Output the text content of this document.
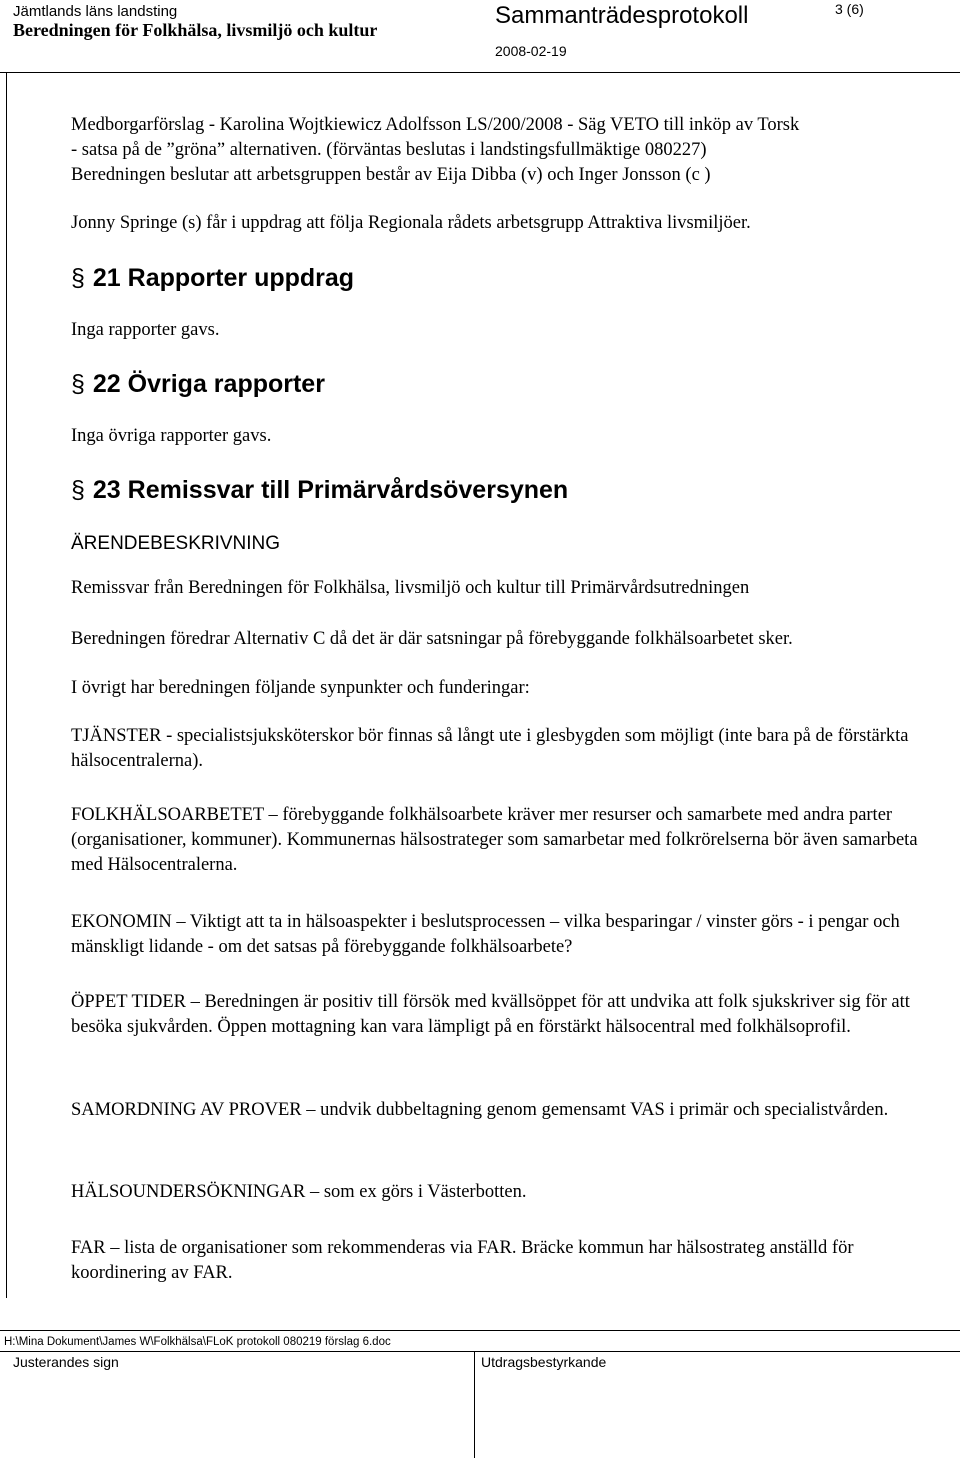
Jämtlands läns landsting
Beredningen för Folkhälsa, livsmiljö och kultur
Sammanträdesprotokoll	3 (6)
2008-02-19
Medborgarförslag - Karolina Wojtkiewicz Adolfsson LS/200/2008 - Säg VETO till inköp av Torsk
- satsa på de ”gröna” alternativen. (förväntas beslutas i landstingsfullmäktige 080227)
Beredningen beslutar att arbetsgruppen består av Eija Dibba (v) och Inger Jonsson (c )
Jonny Springe (s) får i uppdrag att följa Regionala rådets arbetsgrupp Attraktiva livsmiljöer.
§ 21 Rapporter uppdrag
Inga rapporter gavs.
§ 22 Övriga rapporter
Inga övriga rapporter gavs.
§ 23 Remissvar till Primärvårdsöversynen
ÄRENDEBESKRIVNING
Remissvar från Beredningen för Folkhälsa, livsmiljö och kultur till Primärvårdsutredningen
Beredningen föredrar Alternativ C då det är där satsningar på förebyggande folkhälsoarbetet sker.
I övrigt har beredningen följande synpunkter och funderingar:
TJÄNSTER - specialistsjuksköterskor bör finnas så långt ute i glesbygden som möjligt (inte bara på de förstärkta hälsocentralerna).
FOLKHÄLSOARBETET – förebyggande folkhälsoarbete kräver mer resurser och samarbete med andra parter (organisationer, kommuner). Kommunernas hälsostrateger som samarbetar med folkrörelserna bör även samarbeta med Hälsocentralerna.
EKONOMIN – Viktigt att ta in hälsoaspekter i beslutsprocessen – vilka besparingar / vinster görs - i pengar och mänskligt lidande - om det satsas på förebyggande folkhälsoarbete?
ÖPPET TIDER – Beredningen är positiv till försök med kvällsöppet för att undvika att folk sjukskriver sig för att besöka sjukvården. Öppen mottagning kan vara lämpligt på en förstärkt hälsocentral med folkhälsoprofil.
SAMORDNING AV PROVER – undvik dubbeltagning genom gemensamt VAS i primär och specialistvården.
HÄLSOUNDERSÖKNINGAR – som ex görs i Västerbotten.
FAR – lista de organisationer som rekommenderas via FAR. Bräcke kommun har hälsostrateg anställd för koordinering av FAR.
H:\Mina Dokument\James W\Folkhälsa\FLoK protokoll 080219 förslag 6.doc
Justerandes sign	Utdragsbestyrkande
